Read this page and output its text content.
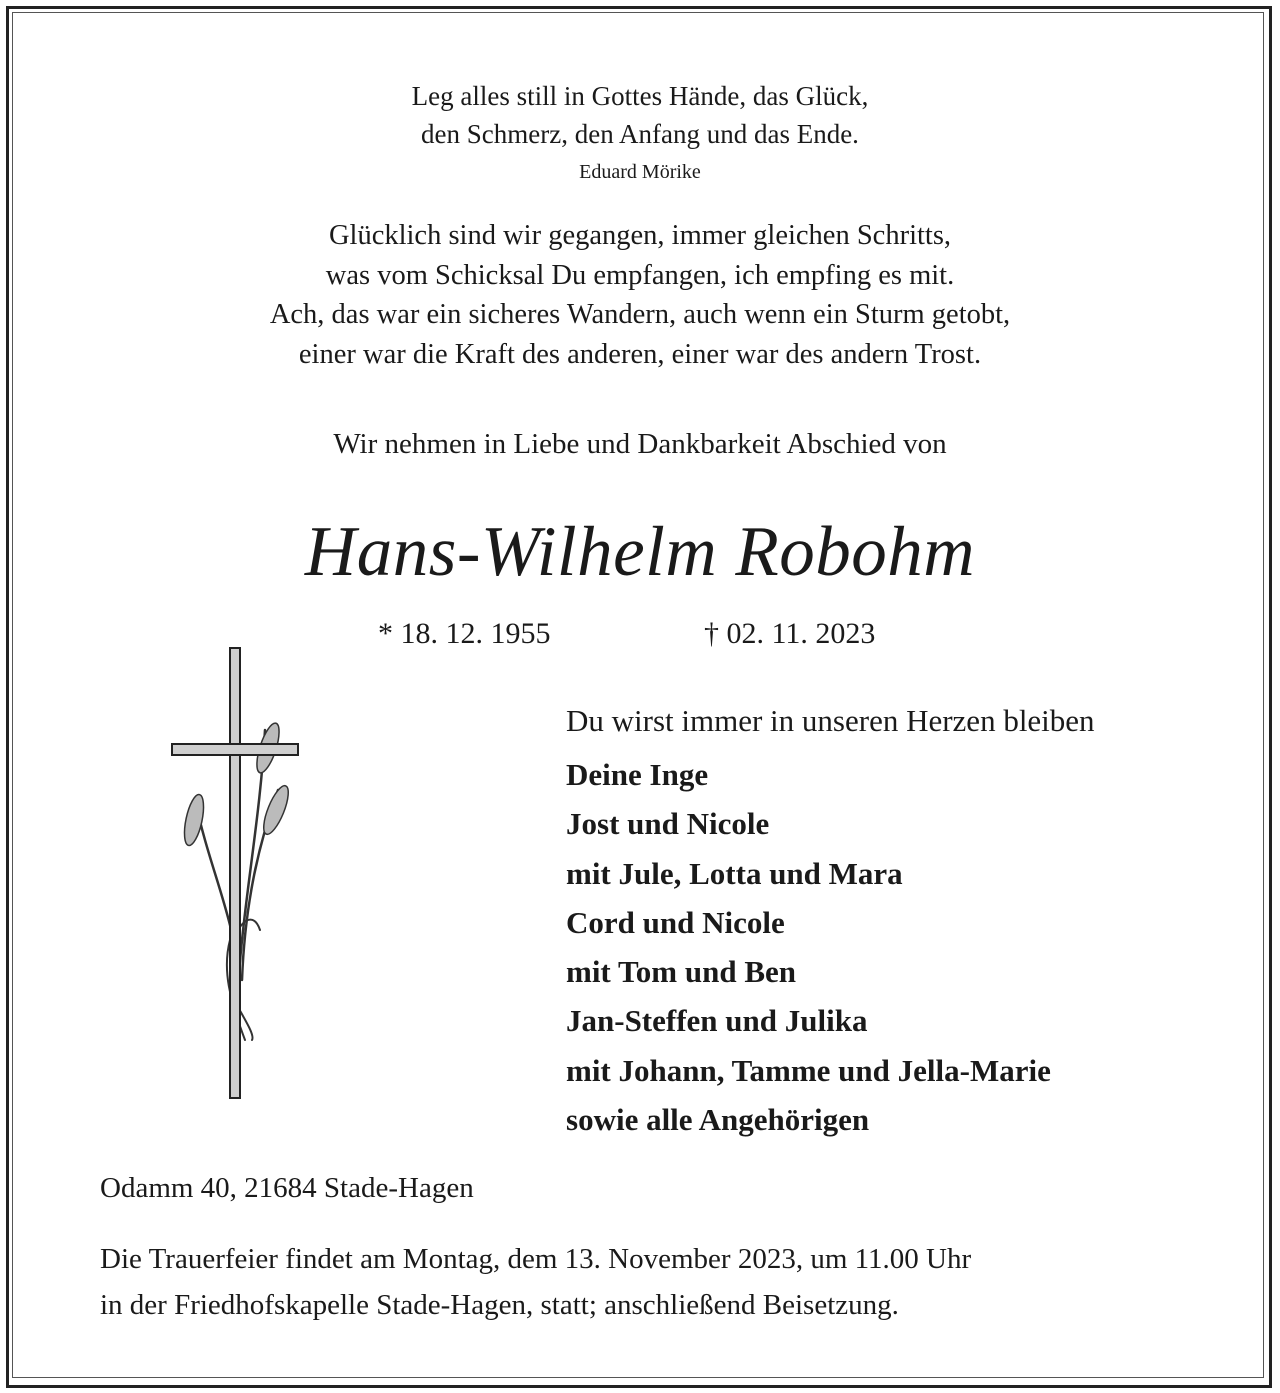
Leg alles still in Gottes Hände, das Glück,
den Schmerz, den Anfang und das Ende.
Eduard Mörike
Glücklich sind wir gegangen, immer gleichen Schritts,
was vom Schicksal Du empfangen, ich empfing es mit.
Ach, das war ein sicheres Wandern, auch wenn ein Sturm getobt,
einer war die Kraft des anderen, einer war des andern Trost.
Wir nehmen in Liebe und Dankbarkeit Abschied von
Hans-Wilhelm Robohm
* 18. 12. 1955	† 02. 11. 2023
Du wirst immer in unseren Herzen bleiben
Deine Inge
Jost und Nicole
mit Jule, Lotta und Mara
Cord und Nicole
mit Tom und Ben
Jan-Steffen und Julika
mit Johann, Tamme und Jella-Marie
sowie alle Angehörigen
Odamm 40, 21684 Stade-Hagen
Die Trauerfeier findet am Montag, dem 13. November 2023, um 11.00 Uhr
in der Friedhofskapelle Stade-Hagen, statt; anschließend Beisetzung.
